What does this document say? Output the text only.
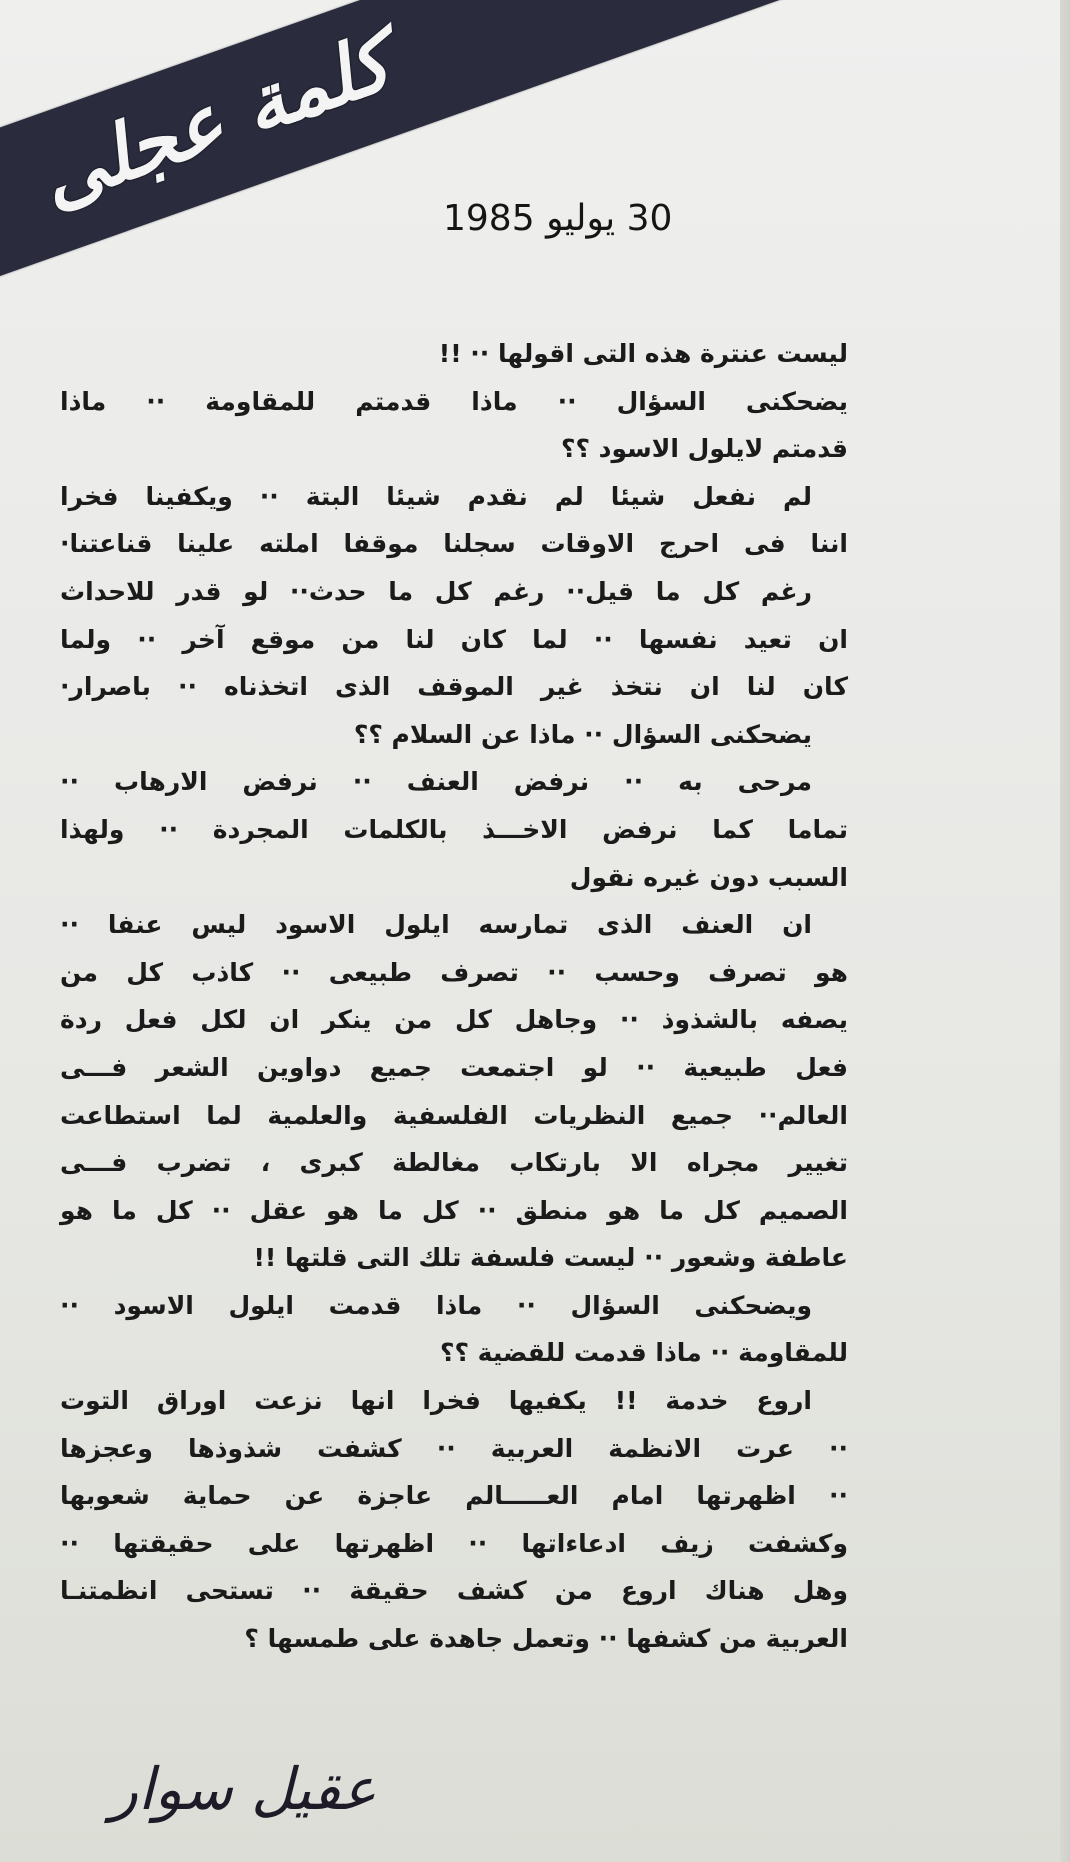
كلمة عجلى 30 يوليو 1985
ليست عنترة هذه التى اقولها ·· !!
يضحكنى السؤال ·· ماذا قدمتم للمقاومة ·· ماذا
قدمتم لايلول الاسود ؟؟
لم نفعل شيئا لم نقدم شيئا البتة ·· ويكفينا فخرا
اننا فى احرج الاوقات سجلنا موقفا املته علينا قناعتنا·
رغم كل ما قيل·· رغم كل ما حدث·· لو قدر للاحداث
ان تعيد نفسها ·· لما كان لنا من موقع آخر ·· ولما
كان لنا ان نتخذ غير الموقف الذى اتخذناه ·· باصرار·
يضحكنى السؤال ·· ماذا عن السلام ؟؟
مرحى به ·· نرفض العنف ·· نرفض الارهاب ··
تماما كما نرفض الاخـــذ بالكلمات المجردة ·· ولهذا
السبب دون غيره نقول
ان العنف الذى تمارسه ايلول الاسود ليس عنفا ··
هو تصرف وحسب ·· تصرف طبيعى ·· كاذب كل من
يصفه بالشذوذ ·· وجاهل كل من ينكر ان لكل فعل ردة
فعل طبيعية ·· لو اجتمعت جميع دواوين الشعر فـــى
العالم·· جميع النظريات الفلسفية والعلمية لما استطاعت
تغيير مجراه الا بارتكاب مغالطة كبرى ، تضرب فـــى
الصميم كل ما هو منطق ·· كل ما هو عقل ·· كل ما هو
عاطفة وشعور ·· ليست فلسفة تلك التى قلتها !!
ويضحكنى السؤال ·· ماذا قدمت ايلول الاسود ··
للمقاومة ·· ماذا قدمت للقضية ؟؟
اروع خدمة !! يكفيها فخرا انها نزعت اوراق التوت
·· عرت الانظمة العربية ·· كشفت شذوذها وعجزها
·· اظهرتها امام العـــــالم عاجزة عن حماية شعوبها
وكشفت زيف ادعاءاتها ·· اظهرتها على حقيقتها ··
وهل هناك اروع من كشف حقيقة ·· تستحى انظمتنـا
العربية من كشفها ·· وتعمل جاهدة على طمسها ؟
عقيل سوار
